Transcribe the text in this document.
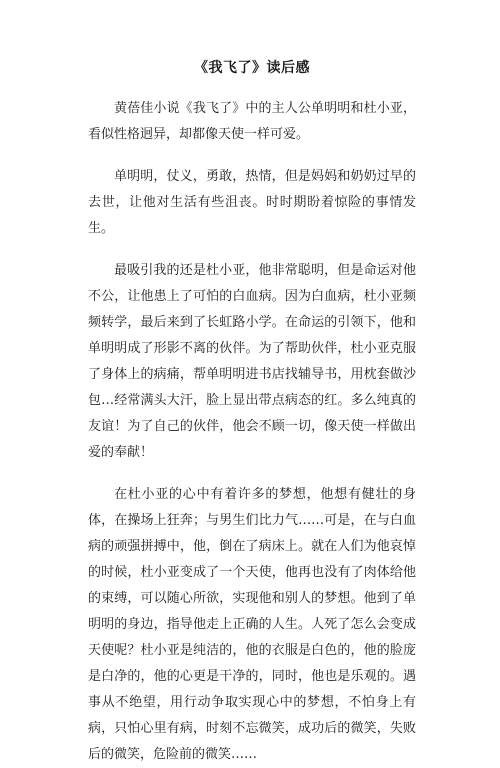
《我飞了》读后感

黄蓓佳小说《我飞了》中的主人公单明明和杜小亚，看似性格迥异，却都像天使一样可爱。

单明明，仗义，勇敢，热情，但是妈妈和奶奶过早的去世，让他对生活有些沮丧。时时期盼着惊险的事情发生。

最吸引我的还是杜小亚，他非常聪明，但是命运对他不公，让他患上了可怕的白血病。因为白血病，杜小亚频频转学，最后来到了长虹路小学。在命运的引领下，他和单明明成了形影不离的伙伴。为了帮助伙伴，杜小亚克服了身体上的病痛，帮单明明进书店找辅导书，用枕套做沙包…经常满头大汗，脸上显出带点病态的红。多么纯真的友谊！为了自己的伙伴，他会不顾一切，像天使一样做出爱的奉献！

在杜小亚的心中有着许多的梦想，他想有健壮的身体，在操场上狂奔；与男生们比力气……可是，在与白血病的顽强拼搏中，他，倒在了病床上。就在人们为他哀悼的时候，杜小亚变成了一个天使，他再也没有了肉体给他的束缚，可以随心所欲，实现他和别人的梦想。他到了单明明的身边，指导他走上正确的人生。人死了怎么会变成天使呢？杜小亚是纯洁的，他的衣服是白色的，他的脸庞是白净的，他的心更是干净的，同时，他也是乐观的。遇事从不绝望，用行动争取实现心中的梦想，不怕身上有病，只怕心里有病，时刻不忘微笑，成功后的微笑，失败后的微笑，危险前的微笑……
